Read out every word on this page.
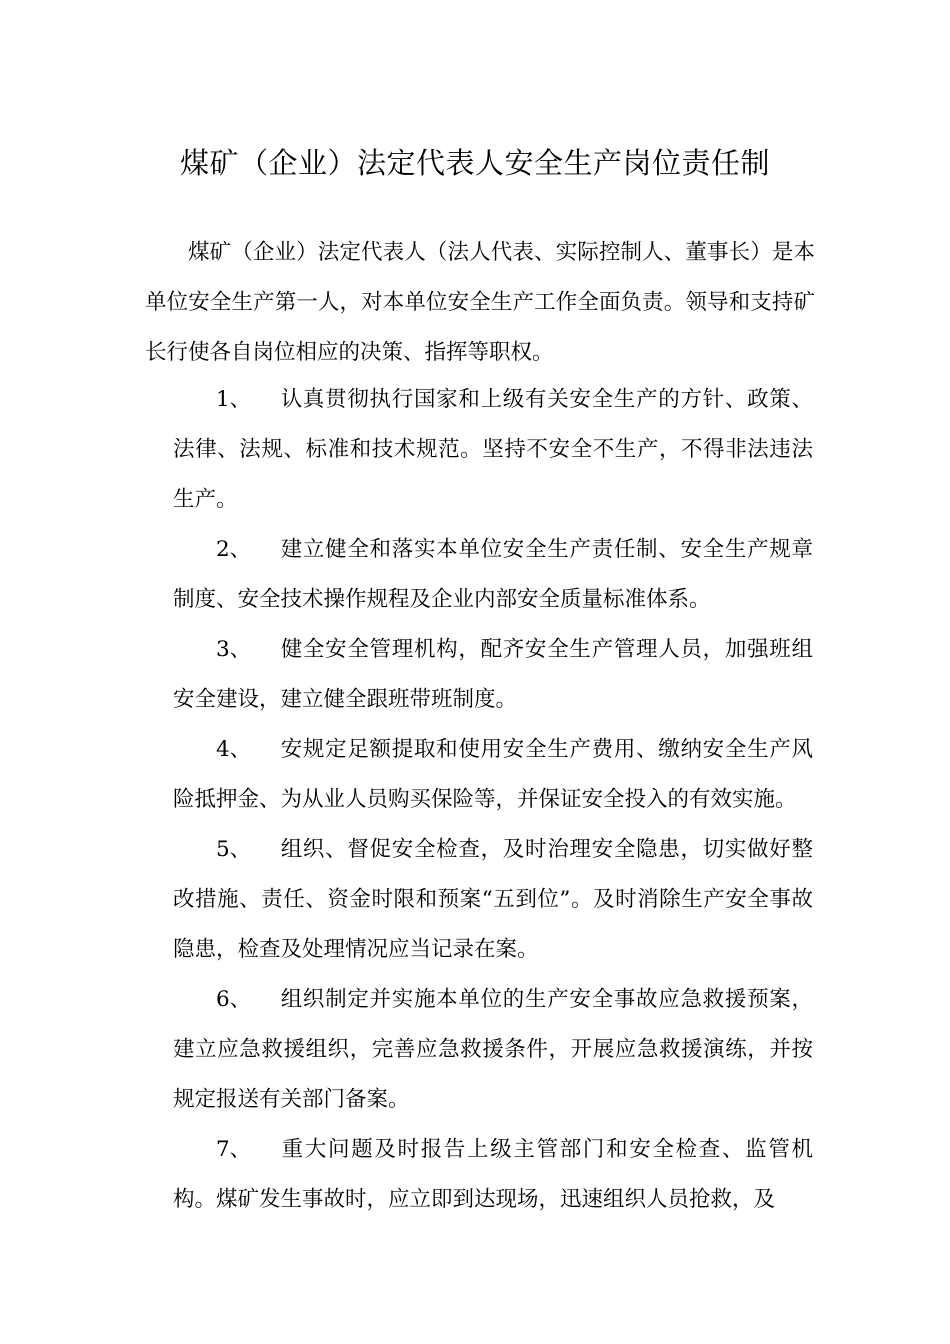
煤矿（企业）法定代表人安全生产岗位责任制

煤矿（企业）法定代表人（法人代表、实际控制人、董事长）是本单位安全生产第一人，对本单位安全生产工作全面负责。领导和支持矿长行使各自岗位相应的决策、指挥等职权。

1、 认真贯彻执行国家和上级有关安全生产的方针、政策、法律、法规、标准和技术规范。坚持不安全不生产，不得非法违法生产。

2、 建立健全和落实本单位安全生产责任制、安全生产规章制度、安全技术操作规程及企业内部安全质量标准体系。

3、 健全安全管理机构，配齐安全生产管理人员，加强班组安全建设，建立健全跟班带班制度。

4、 安规定足额提取和使用安全生产费用、缴纳安全生产风险抵押金、为从业人员购买保险等，并保证安全投入的有效实施。

5、 组织、督促安全检查，及时治理安全隐患，切实做好整改措施、责任、资金时限和预案“五到位”。及时消除生产安全事故隐患，检查及处理情况应当记录在案。

6、 组织制定并实施本单位的生产安全事故应急救援预案，建立应急救援组织，完善应急救援条件，开展应急救援演练，并按规定报送有关部门备案。

7、 重大问题及时报告上级主管部门和安全检查、监管机构。煤矿发生事故时，应立即到达现场，迅速组织人员抢救，及
